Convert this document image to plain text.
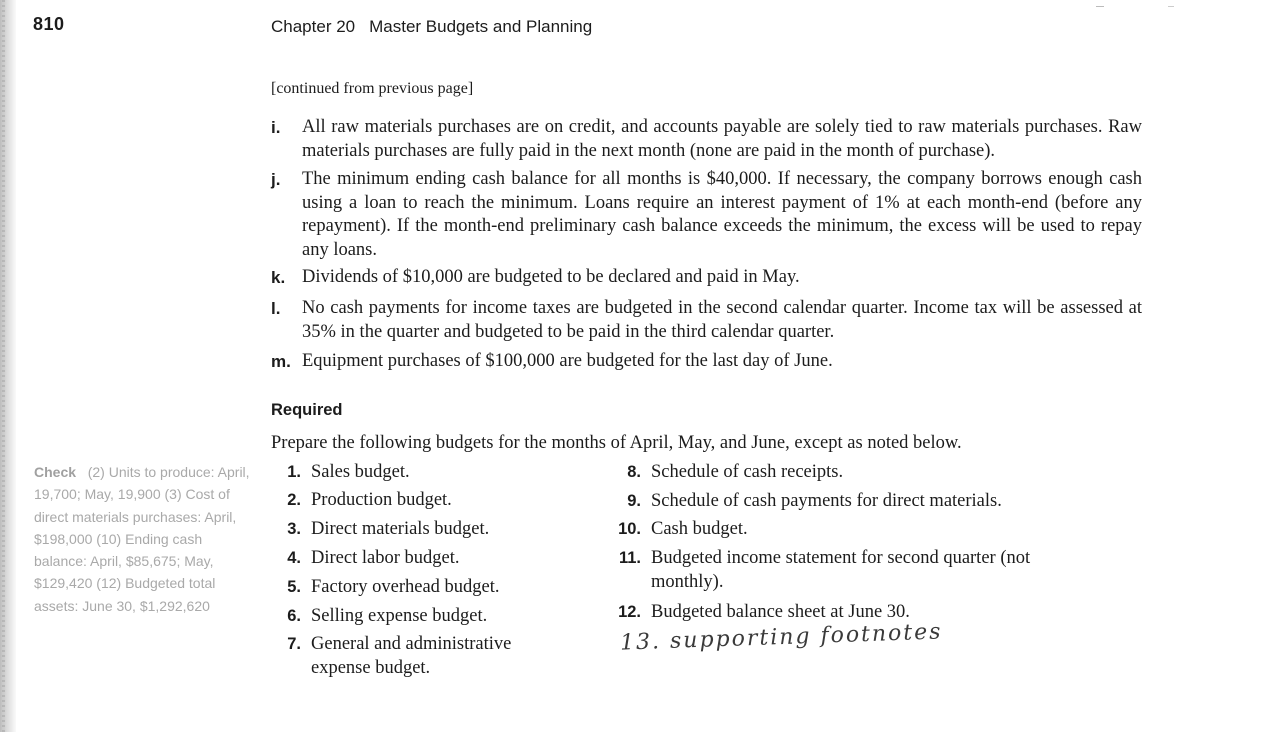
810	Chapter 20 Master Budgets and Planning
[continued from previous page]
i. All raw materials purchases are on credit, and accounts payable are solely tied to raw materials purchases. Raw materials purchases are fully paid in the next month (none are paid in the month of purchase).
j. The minimum ending cash balance for all months is $40,000. If necessary, the company borrows enough cash using a loan to reach the minimum. Loans require an interest payment of 1% at each month-end (before any repayment). If the month-end preliminary cash balance exceeds the minimum, the excess will be used to repay any loans.
k. Dividends of $10,000 are budgeted to be declared and paid in May.
l. No cash payments for income taxes are budgeted in the second calendar quarter. Income tax will be assessed at 35% in the quarter and budgeted to be paid in the third calendar quarter.
m. Equipment purchases of $100,000 are budgeted for the last day of June.
Required
Prepare the following budgets for the months of April, May, and June, except as noted below.
Check (2) Units to produce: April, 19,700; May, 19,900 (3) Cost of direct materials purchases: April, $198,000 (10) Ending cash balance: April, $85,675; May, $129,420 (12) Budgeted total assets: June 30, $1,292,620
1. Sales budget.
2. Production budget.
3. Direct materials budget.
4. Direct labor budget.
5. Factory overhead budget.
6. Selling expense budget.
7. General and administrative expense budget.
8. Schedule of cash receipts.
9. Schedule of cash payments for direct materials.
10. Cash budget.
11. Budgeted income statement for second quarter (not monthly).
12. Budgeted balance sheet at June 30.
13. supporting footnotes
